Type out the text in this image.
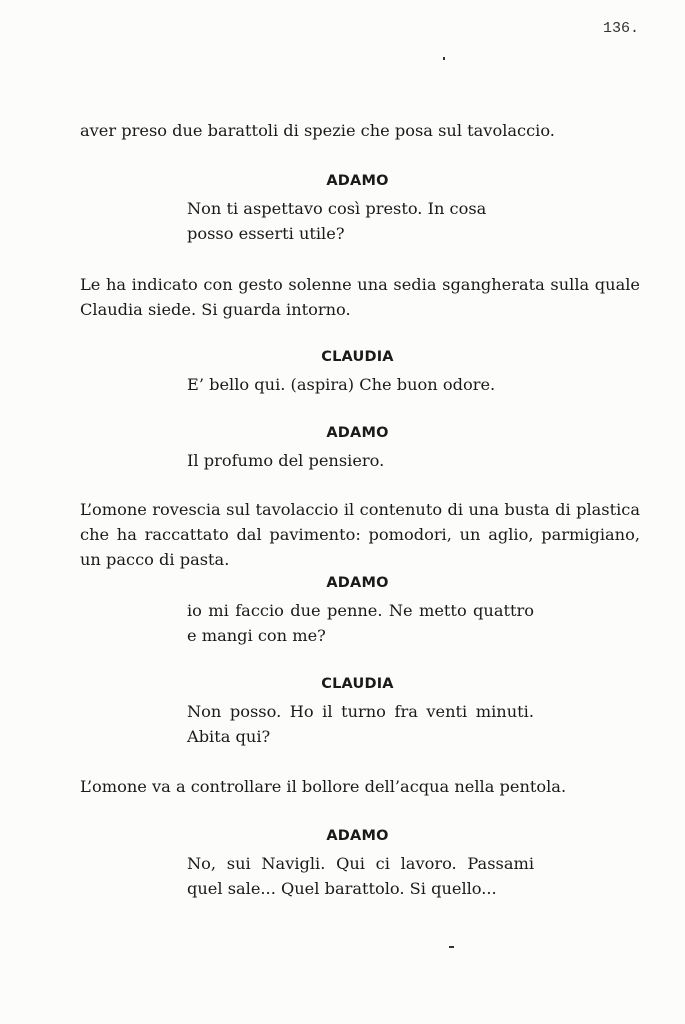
136.

aver preso due barattoli di spezie che posa sul tavolaccio.

ADAMO

Non ti aspettavo così presto. In cosa posso esserti utile?

Le ha indicato con gesto solenne una sedia sgangherata sulla quale Claudia siede. Si guarda intorno.

CLAUDIA

E’ bello qui. (aspira) Che buon odore.

ADAMO

Il profumo del pensiero.

L’omone rovescia sul tavolaccio il contenuto di una busta di plastica che ha raccattato dal pavimento: pomodori, un aglio, parmigiano, un pacco di pasta.

ADAMO

io mi faccio due penne. Ne metto quattro e mangi con me?

CLAUDIA

Non posso. Ho il turno fra venti minuti. Abita qui?

L’omone va a controllare il bollore dell’acqua nella pentola.

ADAMO

No, sui Navigli. Qui ci lavoro. Passami quel sale... Quel barattolo. Si quello...
